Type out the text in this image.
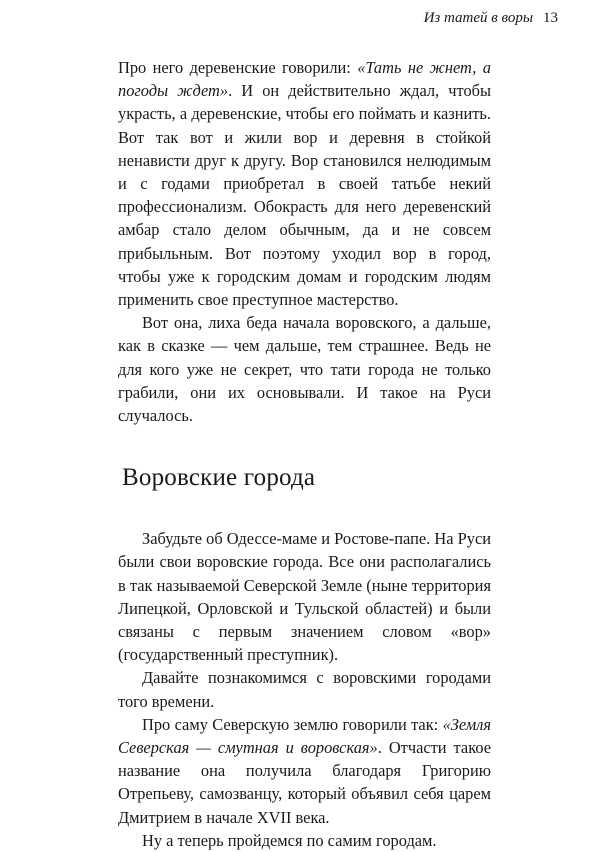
Из татей в воры 13

Про него деревенские говорили: «Тать не жнет, а погоды ждет». И он действительно ждал, чтобы украсть, а деревенские, чтобы его поймать и казнить. Вот так вот и жили вор и деревня в стойкой ненависти друг к другу. Вор становился нелюдимым и с годами приобретал в своей татьбе некий профессионализм. Обокрасть для него деревенский амбар стало делом обычным, да и не совсем прибыльным. Вот поэтому уходил вор в город, чтобы уже к городским домам и городским людям применить свое преступное мастерство.

Вот она, лиха беда начала воровского, а дальше, как в сказке — чем дальше, тем страшнее. Ведь не для кого уже не секрет, что тати города не только грабили, они их основывали. И такое на Руси случалось.

Воровские города

Забудьте об Одессе-маме и Ростове-папе. На Руси были свои воровские города. Все они располагались в так называемой Северской Земле (ныне территория Липецкой, Орловской и Тульской областей) и были связаны с первым значением словом «вор» (государственный преступник).

Давайте познакомимся с воровскими городами того времени.

Про саму Северскую землю говорили так: «Земля Северская — смутная и воровская». Отчасти такое название она получила благодаря Григорию Отрепьеву, самозванцу, который объявил себя царем Дмитрием в начале XVII века.

Ну а теперь пройдемся по самим городам.
